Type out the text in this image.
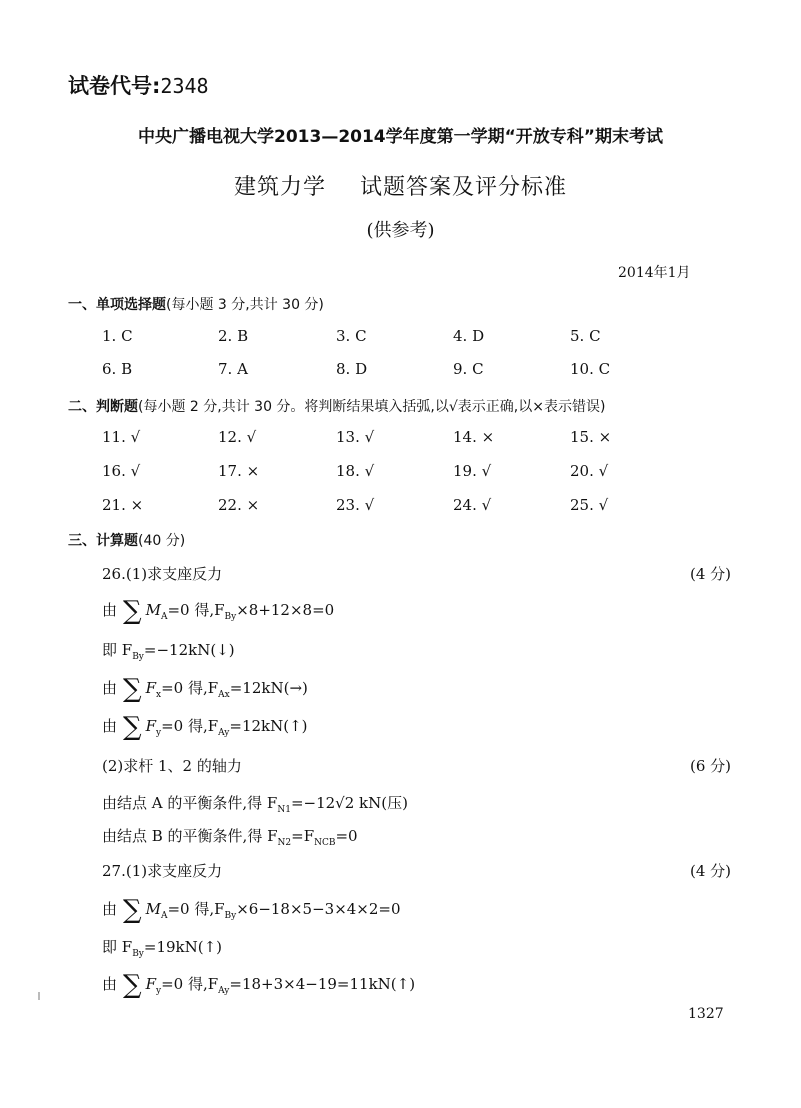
试卷代号:2348
中央广播电视大学2013—2014学年度第一学期“开放专科”期末考试
建筑力学 试题答案及评分标准
(供参考)
2014年1月
一、单项选择题(每小题 3 分,共计 30 分)
1. C	2. B	3. C	4. D	5. C
6. B	7. A	8. D	9. C	10. C
二、判断题(每小题 2 分,共计 30 分。将判断结果填入括弧,以√表示正确,以×表示错误)
11. √	12. √	13. √	14. ×	15. ×
16. √	17. ×	18. √	19. √	20. √
21. ×	22. ×	23. √	24. √	25. √
三、计算题(40 分)
26.(1)求支座反力	(4 分)
由 ∑ $M_A=0$ 得$,F_{By}\times 8+12\times 8=0$
即 $F_{By}=-12kN(↓)$
由 ∑ $F_x=0$ 得$,F_{Ax}=12kN(\to)$
由 ∑ $F_y=0$ 得$,F_{Ay}=12kN(↑)$
(2)求杆 1、2 的轴力	(6 分)
由结点 A 的平衡条件,得 $F_{N1}=-12√2$ kN(压)
由结点 B 的平衡条件,得 $F_{N2}=F_{NCB}=0$
27.(1)求支座反力	(4 分)
由 ∑ $M_A=0$ 得$,F_{By}\times 6-18\times 5-3\times 4\times 2=0$
即 $F_{By}=19kN(↑)$
由 ∑ $F_y=0$ 得$,F_{Ay}=18+3\times 4-19=11kN(↑)$
1327
